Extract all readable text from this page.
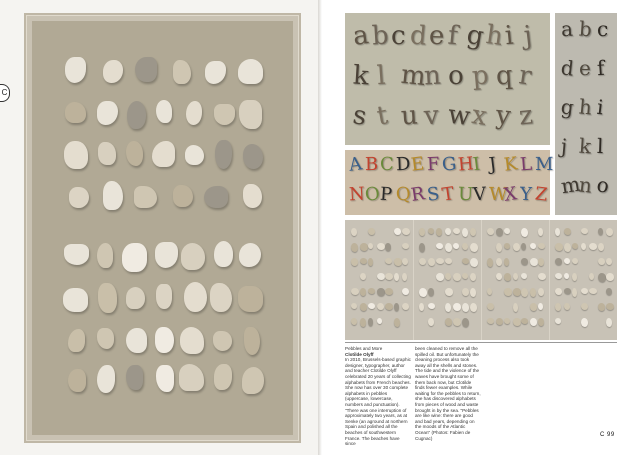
C
a b c d e f g
h
i j
k l m
n o p q r
s t u v w
x y z
a b c
d e f
g h i
j k l
m
n o
A B C D E F G H
I J K L M
N
O
P Q
R S T U V W
X Y Z
Pebbles and More
Clotilde Olyff
In 2010, Brussels-based graphic designer, typographer, author and teacher Clotilde Olyff celebrated 20 years of collecting alphabets from French beaches. She now has over 30 complete alphabets in pebbles (uppercase, lowercase, numbers and punctuation). "There was one interruption of approximately two years, as at Senke (an aground at northern Spain and polished all the beaches of southwestern France. The beaches have since
been cleaned to remove all the spilled oil. But unfortunately the cleaning process also took away all the shells and stones. The tide and the violence of the waves have brought some of them back now, but Clotilde finds fewer examples. While waiting for the pebbles to return, she has discovered alphabets from pieces of wood and waste brought in by the sea. "Pebbles are like wine: there are good and bad years, depending on the moods of the Atlantic Ocean" (Photos: Fabien de Cugnac)	C 99
